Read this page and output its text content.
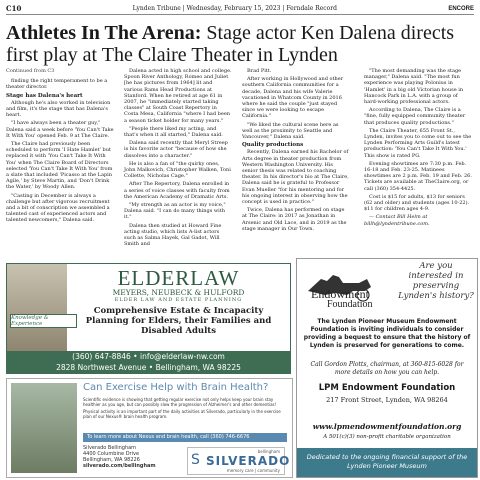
C10	Lynden Tribune | Wednesday, February 15, 2023 | Ferndale Record	ENCORE
Athletes In The Arena: Stage actor Ken Dalena directs first play at The Claire Theater in Lynden
Continued from C3

finding the right temperament to be a theater director.

Stage has Dalena's heart

Although he's also worked in television and film, it's the stage that has Dalena's heart.

"I have always been a theater guy," Dalena said a week before 'You Can't Take It With You' opened Feb. 9 at The Claire.

The Claire had previously been scheduled to perform 'I Hate Hamlet' but replaced it with 'You Can't Take It With You' when The Claire Board of Directors selected 'You Can't Take It With You' from a slate that included 'Picasso at the Lapin Agile,' by Steve Martin, and 'Don't Drink the Water,' by Woody Allen.

"Casting in December is always a challenge but after vigorous recruitment and a bit of conscription we assembled a talented cast of experienced actors and talented newcomers," Dalena said.

Dalena acted in high school and college. Spoon River Anthology, Romeo and Juliet [he has pictures from 1964] lit and various Rams Head Productions at Stanford. When he retired at age 61 in 2007, he "immediately started taking classes" at South Coast Repertory in Costa Mesa, California "where I had been a season ticket holder for many years."

"People there liked my acting, and that's when it all started," Dalena said.

Dalena said recently that Meryl Streep is his favorite actor "because of how she dissolves into a character."

He is also a fan of "the quirky ones, John Malkovich, Christopher Walken, Toni Collette, Nicholas Cage."

After The Repertory, Dalena enrolled in a series of voice classes with faculty from the American Academy of Dramatic Arts.

"My strength as an actor is my voice," Dalena said. "I can do many things with it."

Dalena then studied at Howard Fine acting studio, which lists A-list actors such as Salma Hayek, Gal Gadot, Will Smith and

Brad Pitt.

After working in Hollywood and other southern California communities for a decade, Dalena and his wife Valerie vacationed in Whatcom County in 2016 where he said the couple "just stayed since we were looking to escape California."

"We liked the cultural scene here as well as the proximity to Seattle and Vancouver," Dalena said.

Quality productions

Recently, Dalena earned his Bachelor of Arts degree in theater production from Western Washington University. His senior thesis was related to coaching theater. In his director's bio at The Claire, Dalena said he is grateful to Professor Evan Mueller "for his mentoring and for his ongoing interest in observing how the concept is used in practice."

Twice, Dalena has performed on stage at The Claire: in 2017 as Jonathan in Arsenic and Old Lace, and in 2019 as the stage manager in Our Town.

"The most demanding was the stage manager," Dalena said. "The most fun experience was playing Polonius in 'Hamlet' in a big old Victorian house in Hancock Park in L.A. with a group of hard-working professional actors.

According to Dalena, The Claire is a "fine, fully equipped community theater that produces quality productions."

The Claire Theater, 655 Front St., Lynden, invites you to come out to see the Lynden Performing Arts Guild's latest production: 'You Can't Take It With You.' This show is rated PG.

Evening showtimes are 7:30 p.m. Feb. 16-18 and Feb. 23-25. Matinees showtimes are 2 p.m. Feb. 19 and Feb. 26. Tickets are available at TheClaire.org, or call (360) 354-4425.

Cost is $15 for adults, $13 for seniors (62 and older) and students (ages 10-22). $11 for children ages 4-9.

— Contact Bill Helm at billh@lyndentribune.com.

Knowledge & Experience
ELDERLAW
MEYERS, NEUBECK & HULFORD
ELDER LAW AND ESTATE PLANNING
Comprehensive Estate & Incapacity Planning for Elders, their Families and Disabled Adults
(360) 647-8846 • info@elderlaw-nw.com
2828 Northwest Avenue • Bellingham, WA 98225
Can Exercise Help with Brain Health?

Scientific evidence is showing that getting regular exercise not only helps keep your brain stay healthier as you age, but can possibly slow the progression of Alzheimer's and other dementias!

Physical activity is an important part of the daily activities at Silverado, particularly in the exercise plan of our Nexus® brain health program.

To learn more about Nexus and brain health, call (360) 746-6676
Silverado Bellingham
4400 Columbine Drive
Bellingham, WA 98226
silverado.com/bellingham
bellingham
S SILVERADO
memory care | community
Endowment
Foundation
Are you interested in preserving Lynden's history?
The Lynden Pioneer Museum Endowment Foundation is inviting individuals to consider providing a bequest to ensure that the history of Lynden is preserved for generations to come.
Call Gordon Plotts, chairman, at 360-815-6028 for more details on how you can help.
LPM Endowment Foundation
217 Front Street, Lynden, WA 98264
www.lpmendowmentfoundation.org
A 501(c)(3) non-profit charitable organization
Dedicated to the ongoing financial support of the Lynden Pioneer Museum
